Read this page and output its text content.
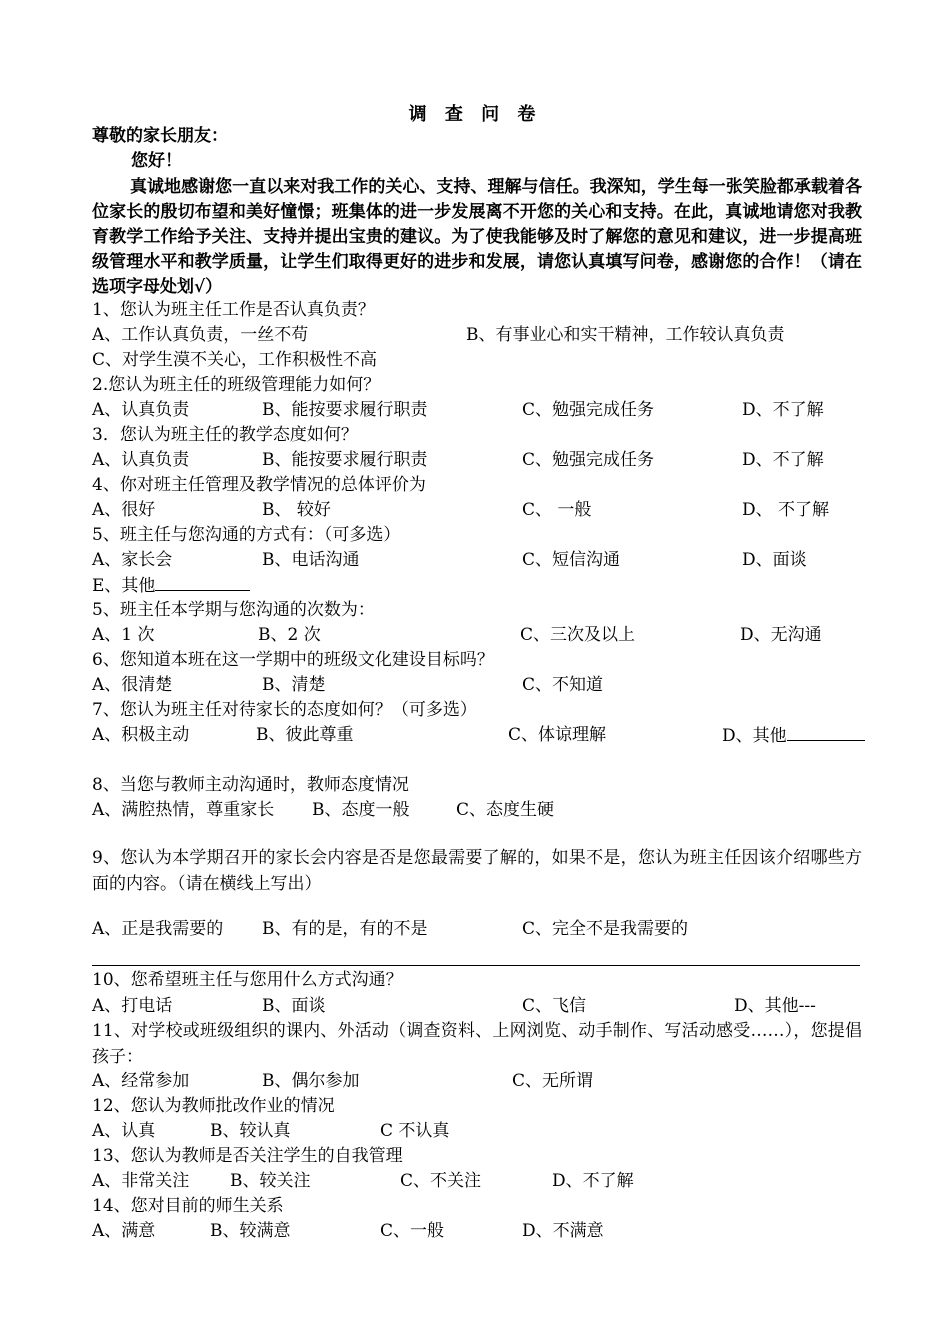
调 查 问 卷
尊敬的家长朋友：
您好！
真诚地感谢您一直以来对我工作的关心、支持、理解与信任。我深知，学生每一张笑脸都承载着各位家长的殷切布望和美好憧憬；班集体的进一步发展离不开您的关心和支持。在此，真诚地请您对我教育教学工作给予关注、支持并提出宝贵的建议。为了使我能够及时了解您的意见和建议，进一步提高班级管理水平和教学质量，让学生们取得更好的进步和发展，请您认真填写问卷，感谢您的合作！（请在选项字母处划√）
1、您认为班主任工作是否认真负责？
A、工作认真负责，一丝不苟	B、有事业心和实干精神，工作较认真负责
C、对学生漠不关心，工作积极性不高
2.您认为班主任的班级管理能力如何？
A、认真负责	B、能按要求履行职责	C、勉强完成任务	D、不了解
3．您认为班主任的教学态度如何？
A、认真负责	B、能按要求履行职责	C、勉强完成任务	D、不了解
4、你对班主任管理及教学情况的总体评价为
A、很好	B、 较好	C、 一般	D、 不了解
5、班主任与您沟通的方式有：（可多选）
A、家长会	B、电话沟通	C、短信沟通	D、面谈
E、其他
5、班主任本学期与您沟通的次数为：
A、1 次	B、2 次	C、三次及以上	D、无沟通
6、您知道本班在这一学期中的班级文化建设目标吗？
A、很清楚	B、清楚	C、不知道
7、您认为班主任对待家长的态度如何？（可多选）
A、积极主动	B、彼此尊重	C、体谅理解	D、其他
8、当您与教师主动沟通时，教师态度情况
A、满腔热情，尊重家长 B、态度一般	C、态度生硬
9、您认为本学期召开的家长会内容是否是您最需要了解的，如果不是，您认为班主任因该介绍哪些方面的内容。（请在横线上写出）
A、正是我需要的 B、有的是，有的不是	C、完全不是我需要的
10、您希望班主任与您用什么方式沟通？
A、打电话	B、面谈	C、飞信	D、其他---
11、对学校或班级组织的课内、外活动（调查资料、上网浏览、动手制作、写活动感受……），您提倡孩子：
A、经常参加	B、偶尔参加	C、无所谓
12、您认为教师批改作业的情况
A、认真	B、较认真	C 不认真
13、您认为教师是否关注学生的自我管理
A、非常关注 B、较关注	C、不关注	D、不了解
14、您对目前的师生关系
A、满意	B、较满意	C、一般	D、不满意
